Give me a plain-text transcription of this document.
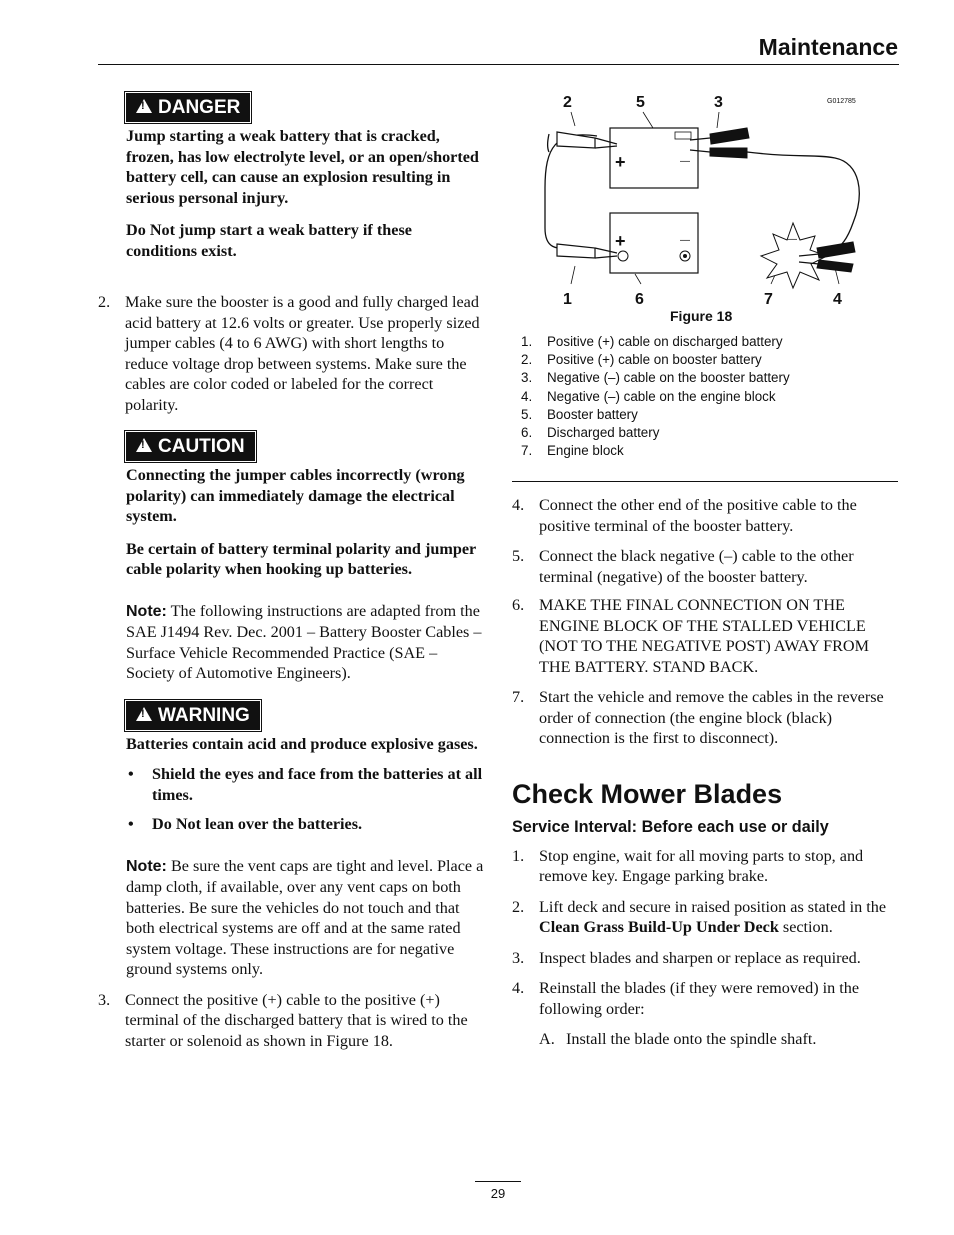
Maintenance
!DANGER

Jump starting a weak battery that is cracked, frozen, has low electrolyte level, or an open/shorted battery cell, can cause an explosion resulting in serious personal injury.

Do Not jump start a weak battery if these conditions exist.

2. Make sure the booster is a good and fully charged lead acid battery at 12.6 volts or greater. Use properly sized jumper cables (4 to 6 AWG) with short lengths to reduce voltage drop between systems. Make sure the cables are color coded or labeled for the correct polarity.
!CAUTION

Connecting the jumper cables incorrectly (wrong polarity) can immediately damage the electrical system.

Be certain of battery terminal polarity and jumper cable polarity when hooking up batteries.

Note: The following instructions are adapted from the SAE J1494 Rev. Dec. 2001 – Battery Booster Cables – Surface Vehicle Recommended Practice (SAE – Society of Automotive Engineers).

!WARNING

Batteries contain acid and produce explosive gases.

• Shield the eyes and face from the batteries at all times.
• Do Not lean over the batteries.

Note: Be sure the vent caps are tight and level. Place a damp cloth, if available, over any vent caps on both batteries. Be sure the vehicles do not touch and that both electrical systems are off and at the same rated system voltage. These instructions are for negative ground systems only.

3. Connect the positive (+) cable to the positive (+) terminal of the discharged battery that is wired to the starter or solenoid as shown in Figure 18.
2	5	3
1	6	7	4
G012785
+	—
+	—	—
Figure 18
1. Positive (+) cable on discharged battery
2. Positive (+) cable on booster battery
3. Negative (–) cable on the booster battery
4. Negative (–) cable on the engine block
5. Booster battery
6. Discharged battery
7. Engine block
4. Connect the other end of the positive cable to the positive terminal of the booster battery.
5. Connect the black negative (–) cable to the other terminal (negative) of the booster battery.
6. MAKE THE FINAL CONNECTION ON THE ENGINE BLOCK OF THE STALLED VEHICLE (NOT TO THE NEGATIVE POST) AWAY FROM THE BATTERY. STAND BACK.
7. Start the vehicle and remove the cables in the reverse order of connection (the engine block (black) connection is the first to disconnect).
Check Mower Blades
Service Interval: Before each use or daily
1. Stop engine, wait for all moving parts to stop, and remove key. Engage parking brake.
2. Lift deck and secure in raised position as stated in the Clean Grass Build-Up Under Deck section.
3. Inspect blades and sharpen or replace as required.
4. Reinstall the blades (if they were removed) in the following order:
A. Install the blade onto the spindle shaft.
29
